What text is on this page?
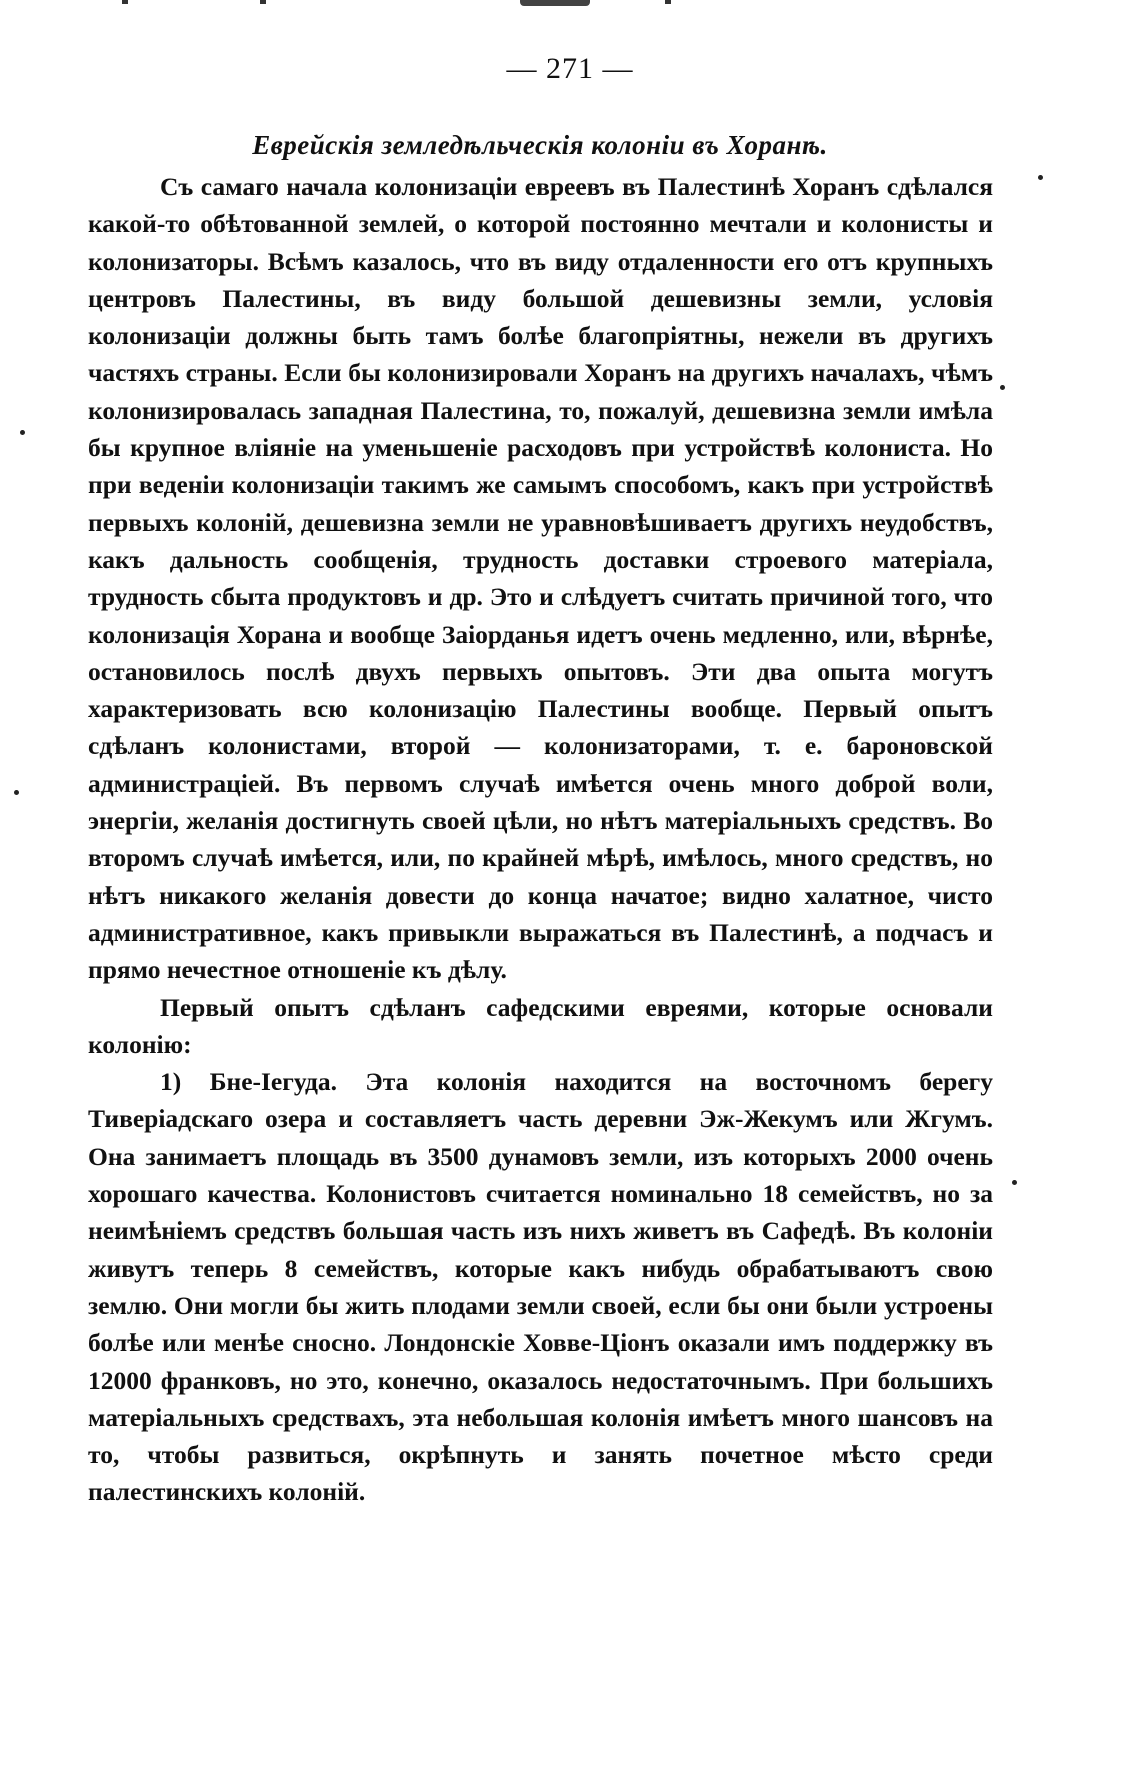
— 271 —
Еврейскія земледѣльческія колоніи въ Хоранѣ.

Съ самаго начала колонизаціи евреевъ въ Палестинѣ Хоранъ сдѣлался какой-то обѣтованной землей, о которой постоянно мечтали и колонисты и колонизаторы. Всѣмъ казалось, что въ виду отдаленности его отъ крупныхъ центровъ Палестины, въ виду большой дешевизны земли, условія колонизаціи должны быть тамъ болѣе благопріятны, нежели въ другихъ частяхъ страны. Если бы колонизировали Хоранъ на другихъ началахъ, чѣмъ колонизировалась западная Палестина, то, пожалуй, дешевизна земли имѣла бы крупное вліяніе на уменьшеніе расходовъ при устройствѣ колониста. Но при веденіи колонизаціи такимъ же самымъ способомъ, какъ при устройствѣ первыхъ колоній, дешевизна земли не уравновѣшиваетъ другихъ неудобствъ, какъ дальность сообщенія, трудность доставки строевого матеріала, трудность сбыта продуктовъ и др. Это и слѣдуетъ считать причиной того, что колонизація Хорана и вообще Заіорданья идетъ очень медленно, или, вѣрнѣе, остановилось послѣ двухъ первыхъ опытовъ. Эти два опыта могутъ характеризовать всю колонизацію Палестины вообще. Первый опытъ сдѣланъ колонистами, второй — колонизаторами, т. е. бароновской администраціей. Въ первомъ случаѣ имѣется очень много доброй воли, энергіи, желанія достигнуть своей цѣли, но нѣтъ матеріальныхъ средствъ. Во второмъ случаѣ имѣется, или, по крайней мѣрѣ, имѣлось, много средствъ, но нѣтъ никакого желанія довести до конца начатое; видно халатное, чисто административное, какъ привыкли выражаться въ Палестинѣ, а подчасъ и прямо нечестное отношеніе къ дѣлу.

Первый опытъ сдѣланъ сафедскими евреями, которые основали колонію:

1) Бне-Іегуда. Эта колонія находится на восточномъ берегу Тиверіадскаго озера и составляетъ часть деревни Эж-Жекумъ или Жгумъ. Она занимаетъ площадь въ 3500 дунамовъ земли, изъ которыхъ 2000 очень хорошаго качества. Колонистовъ считается номинально 18 семействъ, но за неимѣніемъ средствъ большая часть изъ нихъ живетъ въ Сафедѣ. Въ колоніи живутъ теперь 8 семействъ, которые какъ нибудь обрабатываютъ свою землю. Они могли бы жить плодами земли своей, если бы они были устроены болѣе или менѣе сносно. Лондонскіе Ховве-Ціонъ оказали имъ поддержку въ 12000 франковъ, но это, конечно, оказалось недостаточнымъ. При большихъ матеріальныхъ средствахъ, эта небольшая колонія имѣетъ много шансовъ на то, чтобы развиться, окрѣпнуть и занять почетное мѣсто среди палестинскихъ колоній.
